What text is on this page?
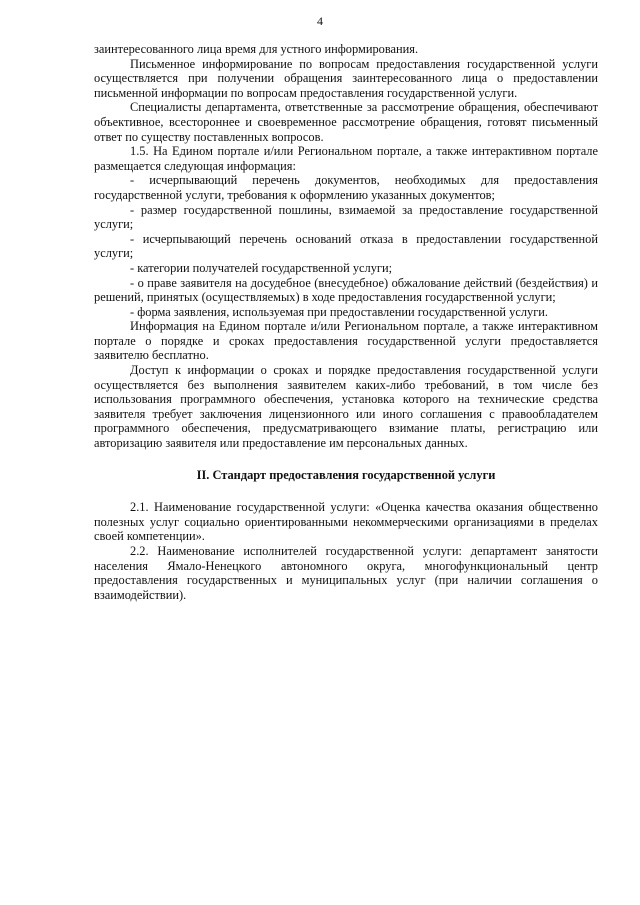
4

заинтересованного лица время для устного информирования.

Письменное информирование по вопросам предоставления государственной услуги осуществляется при получении обращения заинтересованного лица о предоставлении письменной информации по вопросам предоставления государственной услуги.

Специалисты департамента, ответственные за рассмотрение обращения, обеспечивают объективное, всестороннее и своевременное рассмотрение обращения, готовят письменный ответ по существу поставленных вопросов.

1.5. На Едином портале и/или Региональном портале, а также интерактивном портале размещается следующая информация:

- исчерпывающий перечень документов, необходимых для предоставления государственной услуги, требования к оформлению указанных документов;

- размер государственной пошлины, взимаемой за предоставление государственной услуги;

- исчерпывающий перечень оснований отказа в предоставлении государственной услуги;

- категории получателей государственной услуги;

- о праве заявителя на досудебное (внесудебное) обжалование действий (бездействия) и решений, принятых (осуществляемых) в ходе предоставления государственной услуги;

- форма заявления, используемая при предоставлении государственной услуги.

Информация на Едином портале и/или Региональном портале, а также интерактивном портале о порядке и сроках предоставления государственной услуги предоставляется заявителю бесплатно.

Доступ к информации о сроках и порядке предоставления государственной услуги осуществляется без выполнения заявителем каких-либо требований, в том числе без использования программного обеспечения, установка которого на технические средства заявителя требует заключения лицензионного или иного соглашения с правообладателем программного обеспечения, предусматривающего взимание платы, регистрацию или авторизацию заявителя или предоставление им персональных данных.

II. Стандарт предоставления государственной услуги

2.1. Наименование государственной услуги: «Оценка качества оказания общественно полезных услуг социально ориентированными некоммерческими организациями в пределах своей компетенции».

2.2. Наименование исполнителей государственной услуги: департамент занятости населения Ямало-Ненецкого автономного округа, многофункциональный центр предоставления государственных и муниципальных услуг (при наличии соглашения о взаимодействии).
